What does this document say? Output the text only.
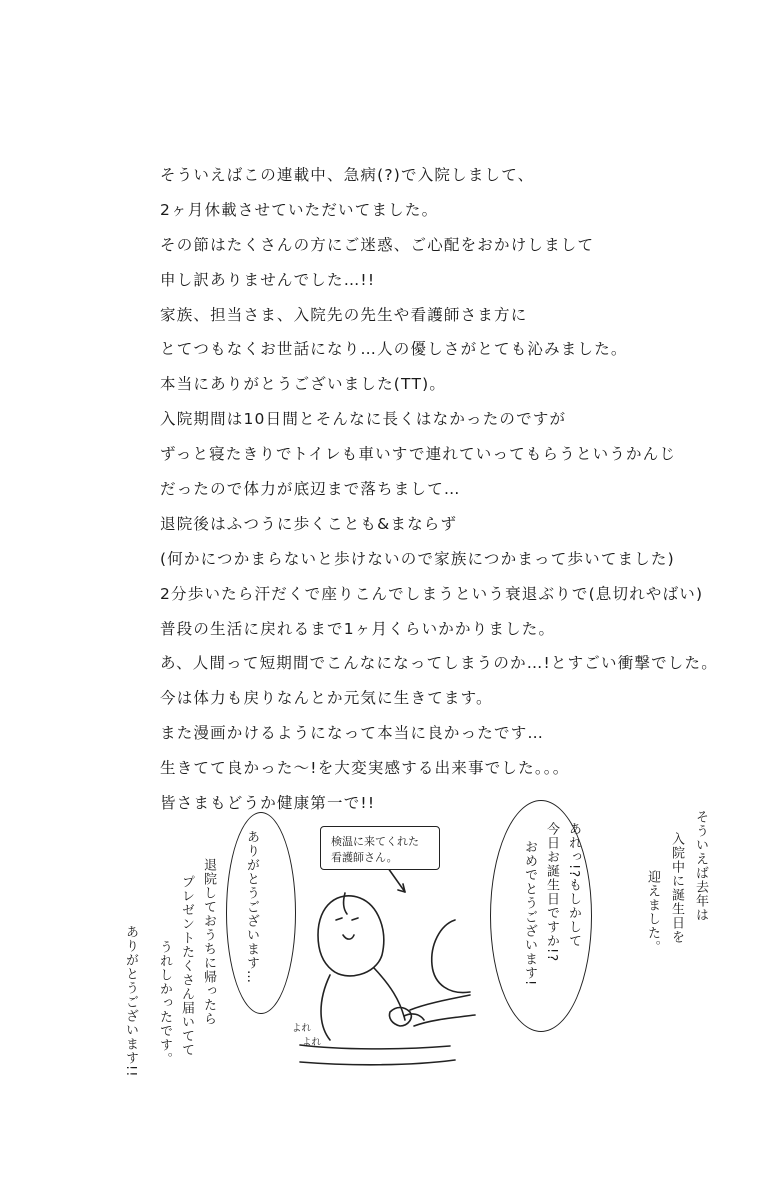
そういえばこの連載中、急病(?)で入院しまして、
2ヶ月休載させていただいてました。
その節はたくさんの方にご迷惑、ご心配をおかけしまして
申し訳ありませんでした…!!
家族、担当さま、入院先の先生や看護師さま方に
とてつもなくお世話になり…人の優しさがとても沁みました。
本当にありがとうございました(TT)。
入院期間は10日間とそんなに長くはなかったのですが
ずっと寝たきりでトイレも車いすで連れていってもらうというかんじ
だったので体力が底辺まで落ちまして…
退院後はふつうに歩くことも&まならず
(何かにつかまらないと歩けないので家族につかまって歩いてました)
2分歩いたら汗だくで座りこんでしまうという衰退ぶりで(息切れやばい)
普段の生活に戻れるまで1ヶ月くらいかかりました。
あ、人間って短期間でこんなになってしまうのか…!とすごい衝撃でした。
今は体力も戻りなんとか元気に生きてます。
また漫画かけるようになって本当に良かったです…
生きてて良かった〜!を大変実感する出来事でした。。。
皆さまもどうか健康第一で!!
検温に来てくれた
看護師さん。
ありがとうございます…	あれっ!?もしかして
今日お誕生日ですか!?
おめでとうございます!	そういえば去年は
入院中に誕生日を
迎えました。
退院しておうちに帰ったら
プレゼントたくさん届いてて
うれしかったです。
ありがとうございます!!	よれ
よれ
